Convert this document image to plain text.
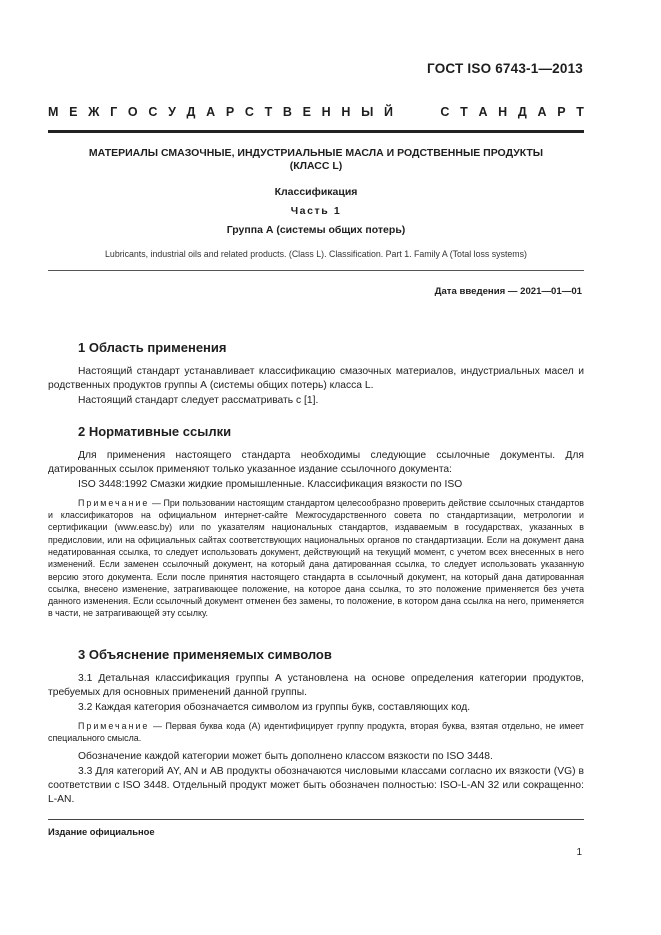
ГОСТ ISO 6743-1—2013
М Е Ж Г О С У Д А Р С Т В Е Н Н Ы Й	С Т А Н Д А Р Т
МАТЕРИАЛЫ СМАЗОЧНЫЕ, ИНДУСТРИАЛЬНЫЕ МАСЛА И РОДСТВЕННЫЕ ПРОДУКТЫ
(КЛАСС L)
Классификация
Часть 1
Группа А (системы общих потерь)
Lubricants, industrial oils and related products. (Class L). Classification. Part 1. Family A (Total loss systems)
Дата введения — 2021—01—01
1 Область применения

Настоящий стандарт устанавливает классификацию смазочных материалов, индустриальных масел и родственных продуктов группы А (системы общих потерь) класса L.

Настоящий стандарт следует рассматривать с [1].

2 Нормативные ссылки

Для применения настоящего стандарта необходимы следующие ссылочные документы. Для датированных ссылок применяют только указанное издание ссылочного документа:

ISO 3448:1992 Смазки жидкие промышленные. Классификация вязкости по ISO

Примечание — При пользовании настоящим стандартом целесообразно проверить действие ссылочных стандартов и классификаторов на официальном интернет-сайте Межгосударственного совета по стандартизации, метрологии и сертификации (www.easc.by) или по указателям национальных стандартов, издаваемым в государствах, указанных в предисловии, или на официальных сайтах соответствующих национальных органов по стандартизации. Если на документ дана недатированная ссылка, то следует использовать документ, действующий на текущий момент, с учетом всех внесенных в него изменений. Если заменен ссылочный документ, на который дана датированная ссылка, то следует использовать указанную версию этого документа. Если после принятия настоящего стандарта в ссылочный документ, на который дана датированная ссылка, внесено изменение, затрагивающее положение, на которое дана ссылка, то это положение применяется без учета данного изменения. Если ссылочный документ отменен без замены, то положение, в котором дана ссылка на него, применяется в части, не затрагивающей эту ссылку.

3 Объяснение применяемых символов

3.1 Детальная классификация группы А установлена на основе определения категории продуктов, требуемых для основных применений данной группы.

3.2 Каждая категория обозначается символом из группы букв, составляющих код.

Примечание — Первая буква кода (А) идентифицирует группу продукта, вторая буква, взятая отдельно, не имеет специального смысла.

Обозначение каждой категории может быть дополнено классом вязкости по ISO 3448.

3.3 Для категорий AY, AN и AB продукты обозначаются числовыми классами согласно их вязкости (VG) в соответствии с ISO 3448. Отдельный продукт может быть обозначен полностью: ISO-L-AN 32 или сокращенно: L-AN.

Издание официальное
1
